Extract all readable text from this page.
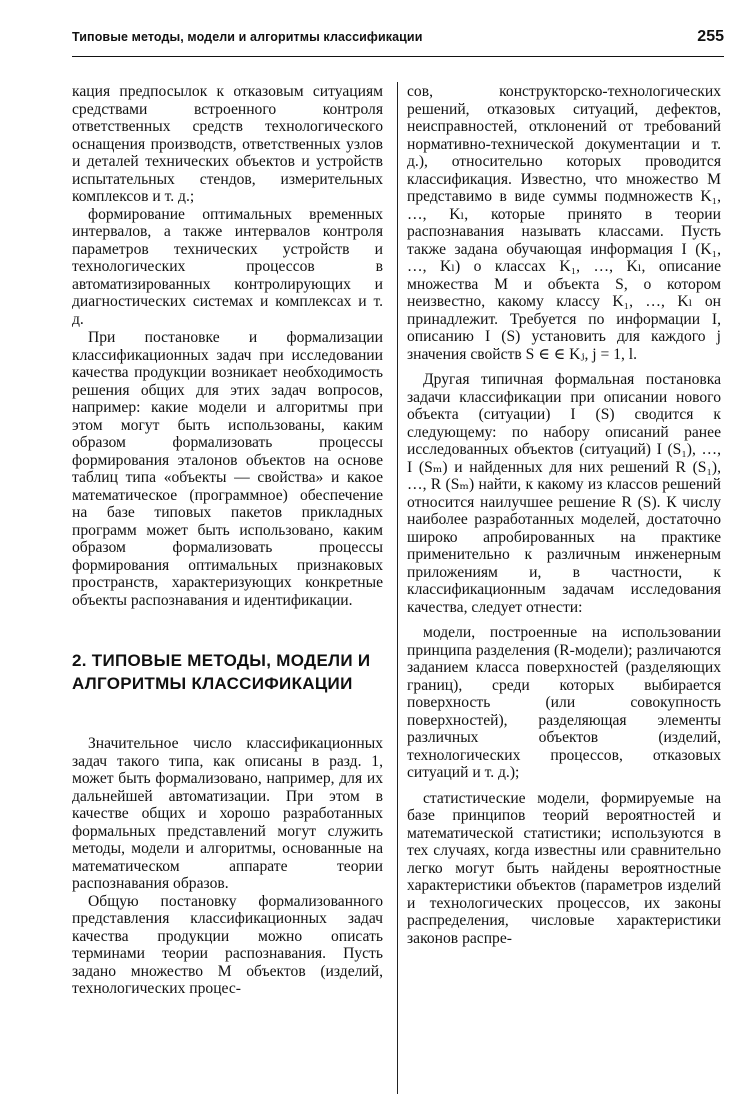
Типовые методы, модели и алгоритмы классификации	255

кация предпосылок к отказовым ситуациям средствами встроенного контроля ответственных средств технологического оснащения производств, ответственных узлов и деталей технических объектов и устройств испытательных стендов, измерительных комплексов и т. д.;

формирование оптимальных временных интервалов, а также интервалов контроля параметров технических устройств и технологических процессов в автоматизированных контролирующих и диагностических системах и комплексах и т. д.

При постановке и формализации классификационных задач при исследовании качества продукции возникает необходимость решения общих для этих задач вопросов, например: какие модели и алгоритмы при этом могут быть использованы, каким образом формализовать процессы формирования эталонов объектов на основе таблиц типа «объекты — свойства» и какое математическое (программное) обеспечение на базе типовых пакетов прикладных программ может быть использовано, каким образом формализовать процессы формирования оптимальных признаковых пространств, характеризующих конкретные объекты распознавания и идентификации.

2. ТИПОВЫЕ МЕТОДЫ, МОДЕЛИ И АЛГОРИТМЫ КЛАССИФИКАЦИИ

Значительное число классификационных задач такого типа, как описаны в разд. 1, может быть формализовано, например, для их дальнейшей автоматизации. При этом в качестве общих и хорошо разработанных формальных представлений могут служить методы, модели и алгоритмы, основанные на математическом аппарате теории распознавания образов.

Общую постановку формализованного представления классификационных задач качества продукции можно описать терминами теории распознавания. Пусть задано множество M объектов (изделий, технологических процес-

сов, конструкторско-технологических решений, отказовых ситуаций, дефектов, неисправностей, отклонений от требований нормативно-технической документации и т. д.), относительно которых проводится классификация. Известно, что множество M представимо в виде суммы подмножеств K₁, …, Kₗ, которые принято в теории распознавания называть классами. Пусть также задана обучающая информация I (K₁, …, Kₗ) о классах K₁, …, Kₗ, описание множества M и объекта S, о котором неизвестно, какому классу K₁, …, Kₗ он принадлежит. Требуется по информации I, описанию I (S) установить для каждого j значения свойств S ∈ ∈ Kⱼ, j = 1, l.

Другая типичная формальная постановка задачи классификации при описании нового объекта (ситуации) I (S) сводится к следующему: по набору описаний ранее исследованных объектов (ситуаций) I (S₁), …, I (Sₘ) и найденных для них решений R (S₁), …, R (Sₘ) найти, к какому из классов решений относится наилучшее решение R (S). К числу наиболее разработанных моделей, достаточно широко апробированных на практике применительно к различным инженерным приложениям и, в частности, к классификационным задачам исследования качества, следует отнести:

модели, построенные на использовании принципа разделения (R-модели); различаются заданием класса поверхностей (разделяющих границ), среди которых выбирается поверхность (или совокупность поверхностей), разделяющая элементы различных объектов (изделий, технологических процессов, отказовых ситуаций и т. д.);

статистические модели, формируемые на базе принципов теорий вероятностей и математической статистики; используются в тех случаях, когда известны или сравнительно легко могут быть найдены вероятностные характеристики объектов (параметров изделий и технологических процессов, их законы распределения, числовые характеристики законов распре-
